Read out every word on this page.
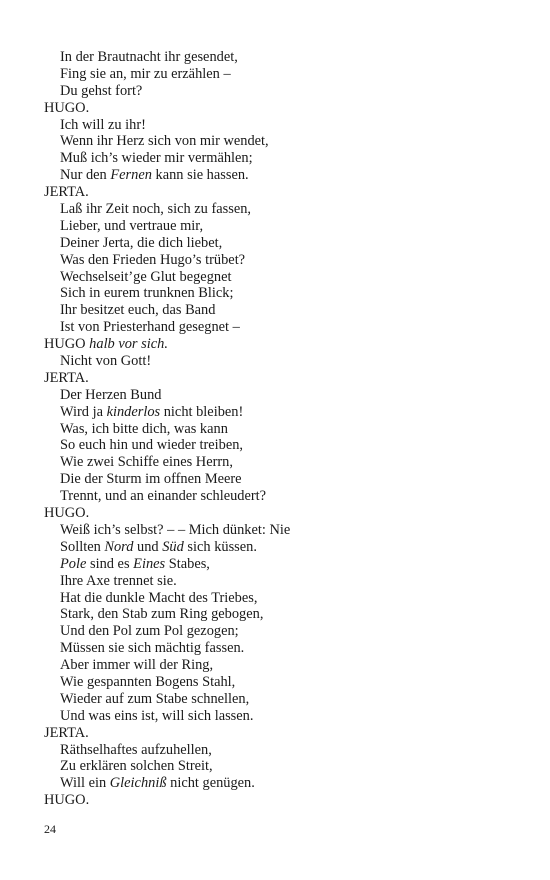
In der Brautnacht ihr gesendet,
Fing sie an, mir zu erzählen –
Du gehst fort?
HUGO.
Ich will zu ihr!
Wenn ihr Herz sich von mir wendet,
Muß ich’s wieder mir vermählen;
Nur den Fernen kann sie hassen.
JERTA.
Laß ihr Zeit noch, sich zu fassen,
Lieber, und vertraue mir,
Deiner Jerta, die dich liebet,
Was den Frieden Hugo’s trübet?
Wechselseit’ge Glut begegnet
Sich in eurem trunknen Blick;
Ihr besitzet euch, das Band
Ist von Priesterhand gesegnet –
HUGO halb vor sich.
Nicht von Gott!
JERTA.
Der Herzen Bund
Wird ja kinderlos nicht bleiben!
Was, ich bitte dich, was kann
So euch hin und wieder treiben,
Wie zwei Schiffe eines Herrn,
Die der Sturm im offnen Meere
Trennt, und an einander schleudert?
HUGO.
Weiß ich’s selbst? – – Mich dünket: Nie
Sollten Nord und Süd sich küssen.
Pole sind es Eines Stabes,
Ihre Axe trennet sie.
Hat die dunkle Macht des Triebes,
Stark, den Stab zum Ring gebogen,
Und den Pol zum Pol gezogen;
Müssen sie sich mächtig fassen.
Aber immer will der Ring,
Wie gespannten Bogens Stahl,
Wieder auf zum Stabe schnellen,
Und was eins ist, will sich lassen.
JERTA.
Räthselhaftes aufzuhellen,
Zu erklären solchen Streit,
Will ein Gleichniß nicht genügen.
HUGO.
24
